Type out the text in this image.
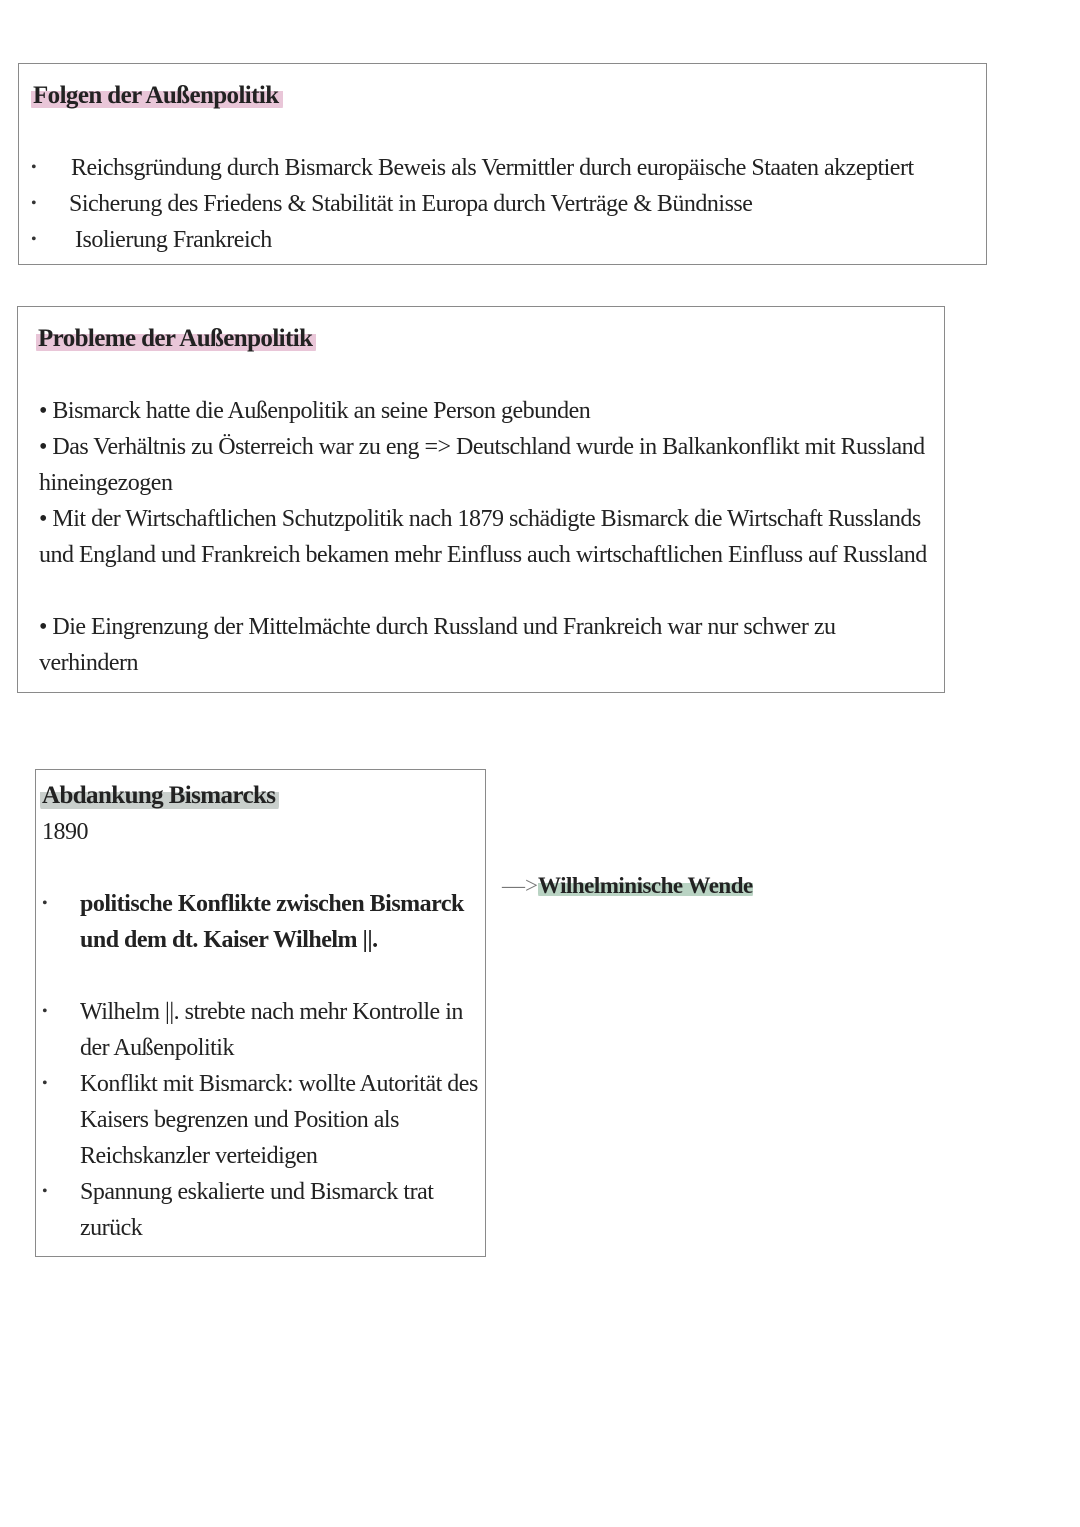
Folgen der Außenpolitik
• Reichsgründung durch Bismarck Beweis als Vermittler durch europäische Staaten akzeptiert
• Sicherung des Friedens & Stabilität in Europa durch Verträge & Bündnisse
• Isolierung Frankreich
Probleme der Außenpolitik
• Bismarck hatte die Außenpolitik an seine Person gebunden
• Das Verhältnis zu Österreich war zu eng => Deutschland wurde in Balkankonflikt mit Russland hineingezogen
• Mit der Wirtschaftlichen Schutzpolitik nach 1879 schädigte Bismarck die Wirtschaft Russlands und England und Frankreich bekamen mehr Einfluss auch wirtschaftlichen Einfluss auf Russland
• Die Eingrenzung der Mittelmächte durch Russland und Frankreich war nur schwer zu verhindern
Abdankung Bismarcks
1890
• politische Konflikte zwischen Bismarck und dem dt. Kaiser Wilhelm ||.
• Wilhelm ||. strebte nach mehr Kontrolle in der Außenpolitik
• Konflikt mit Bismarck: wollte Autorität des Kaisers begrenzen und Position als Reichskanzler verteidigen
• Spannung eskalierte und Bismarck trat zurück
—>Wilhelminische Wende
